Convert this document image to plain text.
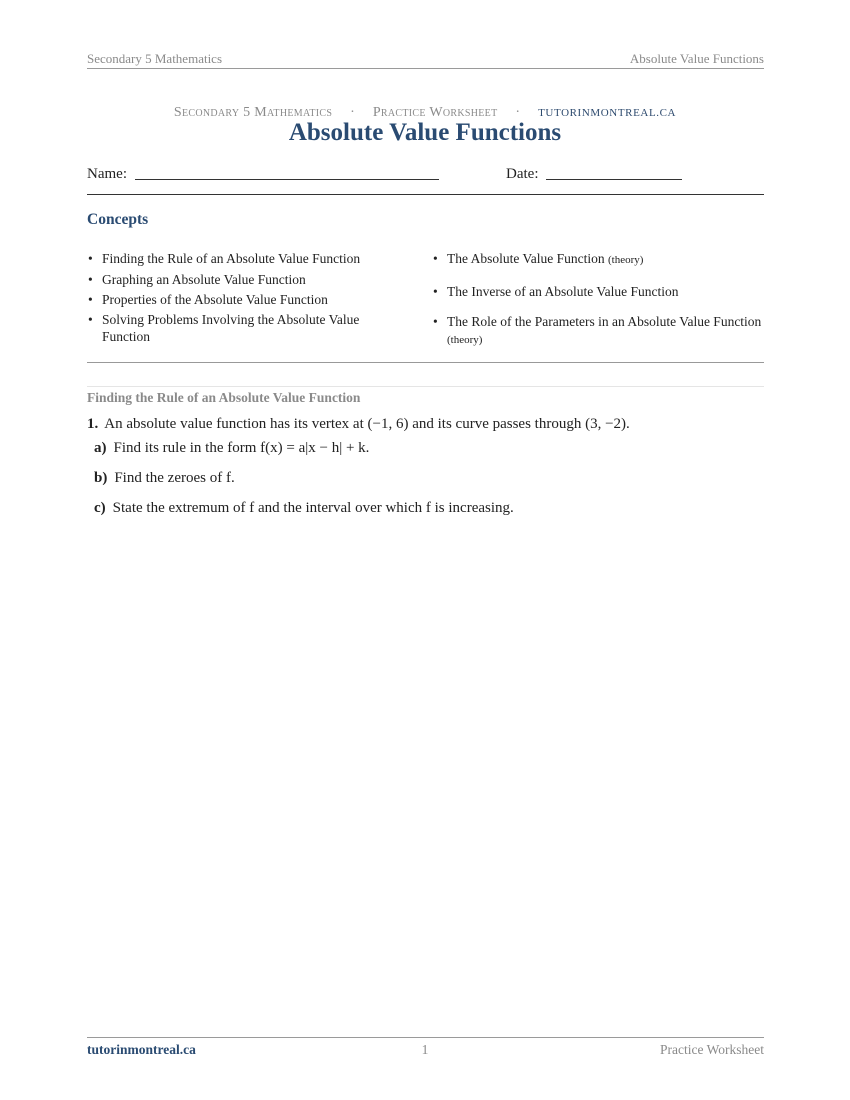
Secondary 5 Mathematics	Absolute Value Functions
Secondary 5 Mathematics · Practice Worksheet · TUTORINMONTREAL.CA
Absolute Value Functions
Name:	Date:
Concepts
• Finding the Rule of an Absolute Value Function
• Graphing an Absolute Value Function
• Properties of the Absolute Value Function
• Solving Problems Involving the Absolute Value Function
• The Absolute Value Function (theory)
• The Inverse of an Absolute Value Function
• The Role of the Parameters in an Absolute Value Function (theory)
Finding the Rule of an Absolute Value Function
1. An absolute value function has its vertex at (−1, 6) and its curve passes through (3, −2).
a) Find its rule in the form f(x) = a|x − h| + k.
b) Find the zeroes of f.
c) State the extremum of f and the interval over which f is increasing.
tutorinmontreal.ca	1	Practice Worksheet
